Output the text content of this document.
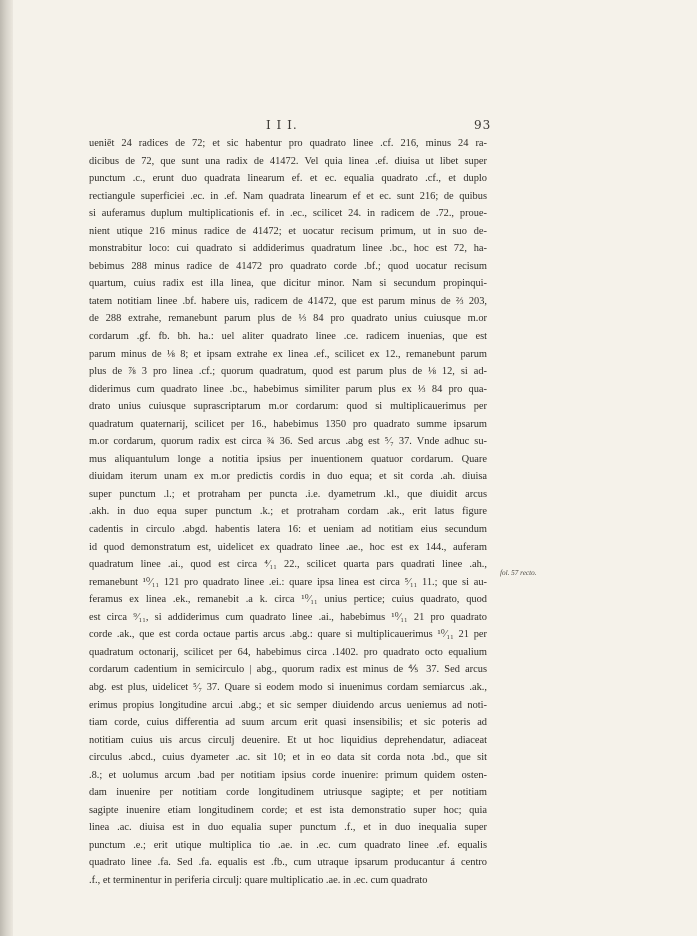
I I I.	93
ueniēt 24 radices de 72; et sic habentur pro quadrato linee .cf. 216, minus 24 ra-
dicibus de 72, que sunt una radix de 41472. Vel quia linea .ef. diuisa ut libet super
punctum .c., erunt duo quadrata linearum ef. et ec. equalia quadrato .cf., et duplo
rectiangule superficiei .ec. in .ef. Nam quadrata linearum ef et ec. sunt 216; de quibus
si auferamus duplum multiplicationis ef. in .ec., scilicet 24. in radicem de .72., proue-
nient utique 216 minus radice de 41472; et uocatur recisum primum, ut in suo de-
monstrabitur loco: cui quadrato si addiderimus quadratum linee .bc., hoc est 72, ha-
bebimus 288 minus radice de 41472 pro quadrato corde .bf.; quod uocatur recisum
quartum, cuius radix est illa linea, que dicitur minor. Nam si secundum propinqui-
tatem notitiam linee .bf. habere uis, radicem de 41472, que est parum minus de ⅔ 203,
de 288 extrahe, remanebunt parum plus de ⅓ 84 pro quadrato unius cuiusque m.or
cordarum .gf. fb. bh. ha.: uel aliter quadrato linee .ce. radicem inuenias, que est
parum minus de ⅛ 8; et ipsam extrahe ex linea .ef., scilicet ex 12., remanebunt parum
plus de ⅞ 3 pro linea .cf.; quorum quadratum, quod est parum plus de ⅛ 12, si ad-
diderimus cum quadrato linee .bc., habebimus similiter parum plus ex ⅓ 84 pro qua-
drato unius cuiusque suprascriptarum m.or cordarum: quod si multiplicauerimus per
quadratum quaternarij, scilicet per 16., habebimus 1350 pro quadrato summe ipsarum
m.or cordarum, quorum radix est circa ¾ 36. Sed arcus .abg est ⁵⁄₇ 37. Vnde adhuc su-
mus aliquantulum longe a notitia ipsius per inuentionem quatuor cordarum. Quare
diuidam iterum unam ex m.or predictis cordis in duo equa; et sit corda .ah. diuisa
super punctum .l.; et protraham per puncta .i.e. dyametrum .kl., que diuidit arcus
.akh. in duo equa super punctum .k.; et protraham cordam .ak., erit latus figure
cadentis in circulo .abgd. habentis latera 16: et ueniam ad notitiam eius secundum
id quod demonstratum est, uidelicet ex quadrato linee .ae., hoc est ex 144., auferam
quadratum linee .ai., quod est circa ⁴⁄₁₁ 22., scilicet quarta pars quadrati linee .ah.,
remanebunt ¹⁰⁄₁₁ 121 pro quadrato linee .ei.: quare ipsa linea est circa ⁵⁄₁₁ 11.; que si au-
feramus ex linea .ek., remanebit .a k. circa ¹⁰⁄₁₁ unius pertice; cuius quadrato, quod
est circa ⁹⁄₁₁, si addiderimus cum quadrato linee .ai., habebimus ¹⁰⁄₁₁ 21 pro quadrato
corde .ak., que est corda octaue partis arcus .abg.: quare si multiplicauerimus ¹⁰⁄₁₁ 21 per
quadratum octonarij, scilicet per 64, habebimus circa .1402. pro quadrato octo equalium
cordarum cadentium in semicirculo | abg., quorum radix est minus de ⅘ 37. Sed arcus
abg. est plus, uidelicet ⁵⁄₇ 37. Quare si eodem modo si inuenimus cordam semiarcus .ak.,
erimus propius longitudine arcui .abg.; et sic semper diuidendo arcus ueniemus ad noti-
tiam corde, cuius differentia ad suum arcum erit quasi insensibilis; et sic poteris ad
notitiam cuius uis arcus circulj deuenire. Et ut hoc liquidius deprehendatur, adiaceat
circulus .abcd., cuius dyameter .ac. sit 10; et in eo data sit corda nota .bd., que sit
.8.; et uolumus arcum .bad per notitiam ipsius corde inuenire: primum quidem osten-
dam inuenire per notitiam corde longitudinem utriusque sagipte; et per notitiam
sagipte inuenire etiam longitudinem corde; et est ista demonstratio super hoc; quia
linea .ac. diuisa est in duo equalia super punctum .f., et in duo inequalia super
punctum .e.; erit utique multiplica tio .ae. in .ec. cum quadrato linee .ef. equalis
quadrato linee .fa. Sed .fa. equalis est .fb., cum utraque ipsarum producantur á centro
.f., et terminentur in periferia circulj: quare multiplicatio .ae. in .ec. cum quadrato
fol. 57 recto.
